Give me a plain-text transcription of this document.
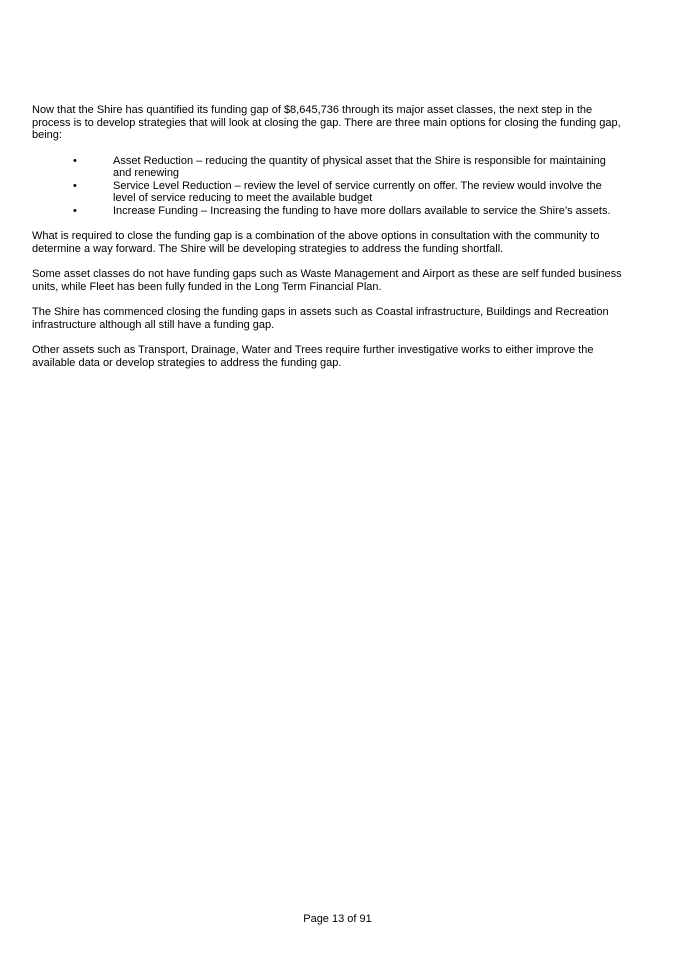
Now that the Shire has quantified its funding gap of $8,645,736 through its major asset classes, the next step in the process is to develop strategies that will look at closing the gap. There are three main options for closing the funding gap, being:

•	Asset Reduction – reducing the quantity of physical asset that the Shire is responsible for maintaining and renewing
•	Service Level Reduction – review the level of service currently on offer. The review would involve the level of service reducing to meet the available budget
•	Increase Funding – Increasing the funding to have more dollars available to service the Shire’s assets.

What is required to close the funding gap is a combination of the above options in consultation with the community to determine a way forward. The Shire will be developing strategies to address the funding shortfall.

Some asset classes do not have funding gaps such as Waste Management and Airport as these are self funded business units, while Fleet has been fully funded in the Long Term Financial Plan.

The Shire has commenced closing the funding gaps in assets such as Coastal infrastructure, Buildings and Recreation infrastructure although all still have a funding gap.

Other assets such as Transport, Drainage, Water and Trees require further investigative works to either improve the available data or develop strategies to address the funding gap.

Page 13 of 91
